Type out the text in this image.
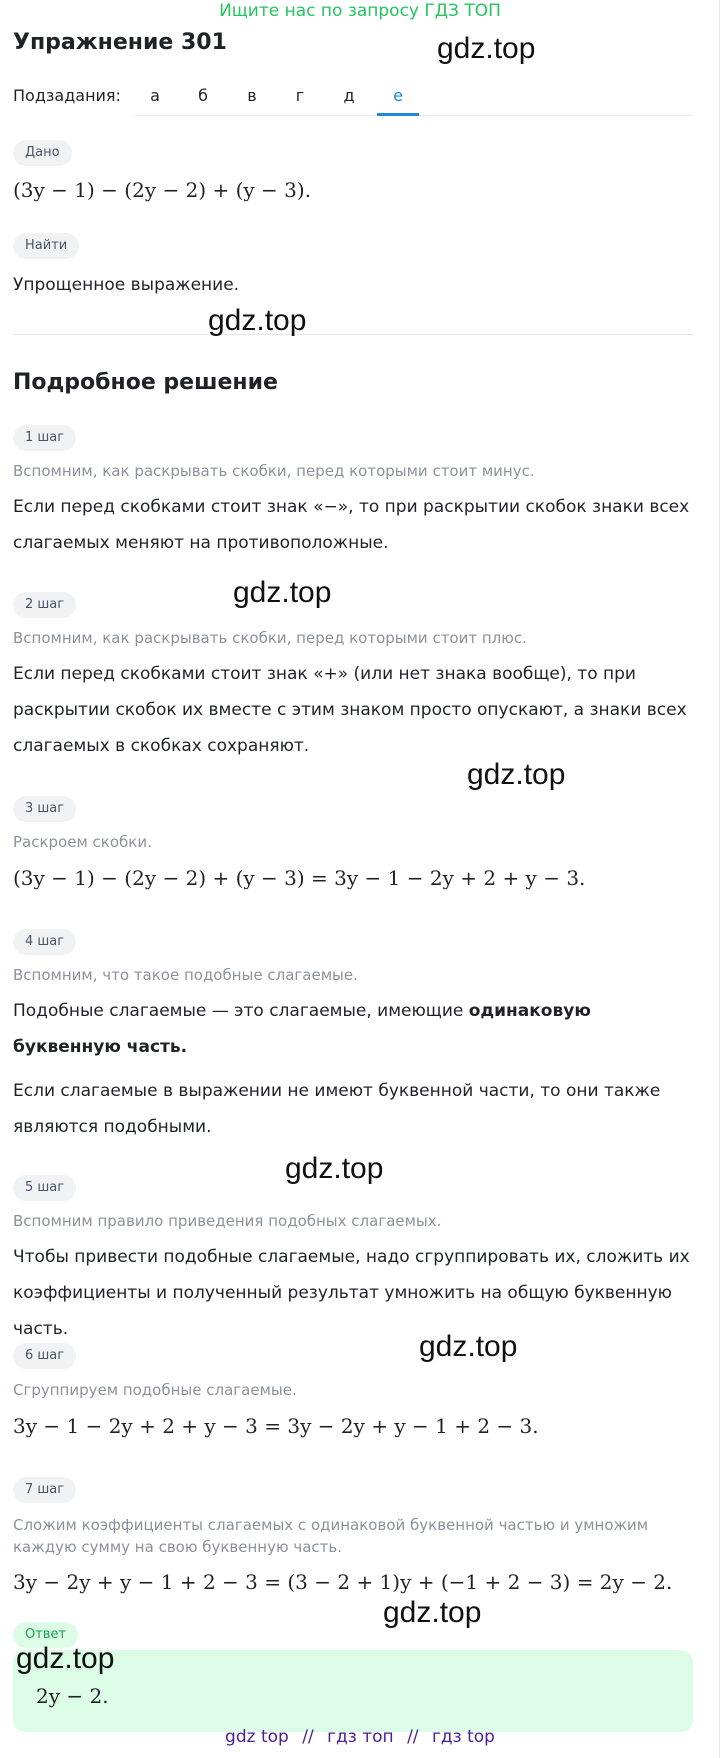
Ищите нас по запросу ГДЗ ТОП
Упражнение 301
Подзадания:	а	б	в	г	д	е
Дано
(3y − 1) − (2y − 2) + (y − 3).
Найти
Упрощенное выражение.
Подробное решение
1 шаг
Вспомним, как раскрывать скобки, перед которыми стоит минус.
Если перед скобками стоит знак «−», то при раскрытии скобок знаки всех слагаемых меняют на противоположные.
2 шаг
Вспомним, как раскрывать скобки, перед которыми стоит плюс.
Если перед скобками стоит знак «+» (или нет знака вообще), то при раскрытии скобок их вместе с этим знаком просто опускают, а знаки всех слагаемых в скобках сохраняют.
3 шаг
Раскроем скобки.
(3y − 1) − (2y − 2) + (y − 3) = 3y − 1 − 2y + 2 + y − 3.
4 шаг
Вспомним, что такое подобные слагаемые.
Подобные слагаемые — это слагаемые, имеющие одинаковую буквенную часть.
Если слагаемые в выражении не имеют буквенной части, то они также являются подобными.
5 шаг
Вспомним правило приведения подобных слагаемых.
Чтобы привести подобные слагаемые, надо сгруппировать их, сложить их коэффициенты и полученный результат умножить на общую буквенную часть.
6 шаг
Сгруппируем подобные слагаемые.
3y − 1 − 2y + 2 + y − 3 = 3y − 2y + y − 1 + 2 − 3.
7 шаг
Сложим коэффициенты слагаемых с одинаковой буквенной частью и умножим каждую сумму на свою буквенную часть.
3y − 2y + y − 1 + 2 − 3 = (3 − 2 + 1)y + (−1 + 2 − 3) = 2y − 2.
Ответ
2y − 2.
gdz.top
gdz.top
gdz.top
gdz.top
gdz.top
gdz.top
gdz.top
gdz.top
gdz top // гдз топ // гдз top
